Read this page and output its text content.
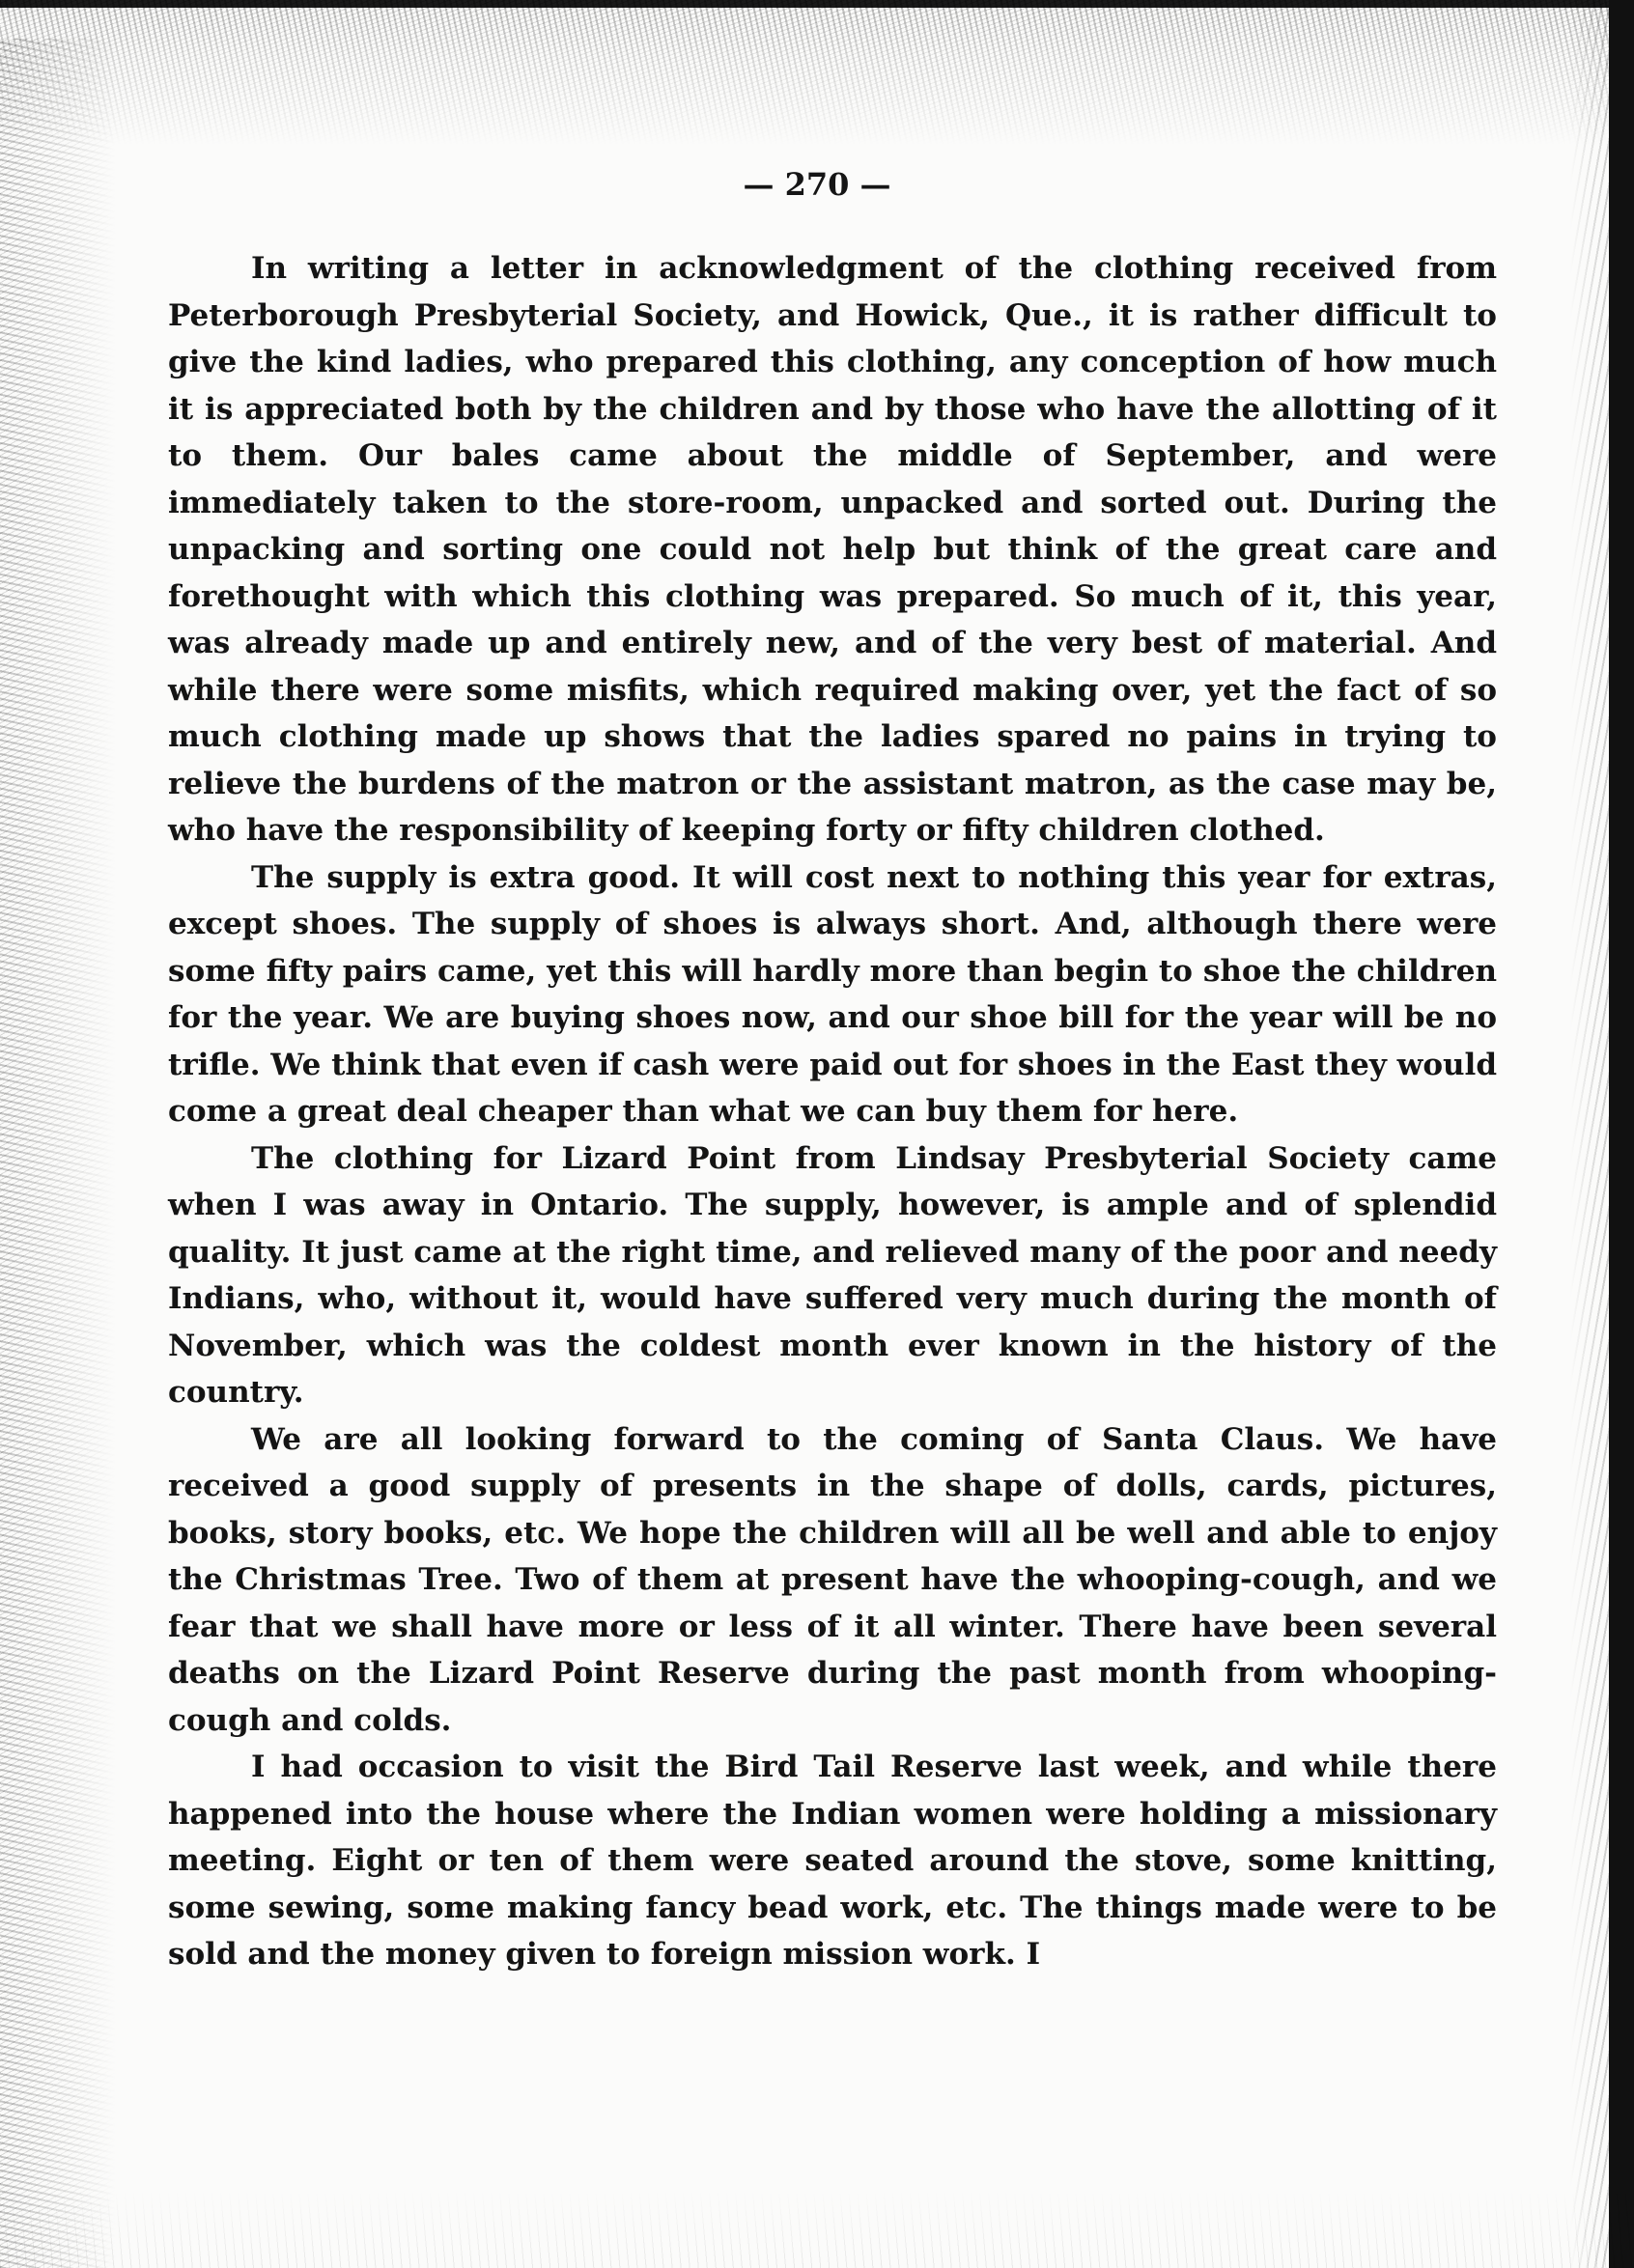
— 270 —

In writing a letter in acknowledgment of the clothing received from Peterborough Presbyterial Society, and Howick, Que., it is rather difficult to give the kind ladies, who prepared this clothing, any conception of how much it is appreciated both by the children and by those who have the allotting of it to them. Our bales came about the middle of September, and were immediately taken to the store-room, unpacked and sorted out. During the unpacking and sorting one could not help but think of the great care and forethought with which this clothing was prepared. So much of it, this year, was already made up and entirely new, and of the very best of material. And while there were some misfits, which required making over, yet the fact of so much clothing made up shows that the ladies spared no pains in trying to relieve the burdens of the matron or the assistant matron, as the case may be, who have the responsibility of keeping forty or fifty children clothed.

The supply is extra good. It will cost next to nothing this year for extras, except shoes. The supply of shoes is always short. And, although there were some fifty pairs came, yet this will hardly more than begin to shoe the children for the year. We are buying shoes now, and our shoe bill for the year will be no trifle. We think that even if cash were paid out for shoes in the East they would come a great deal cheaper than what we can buy them for here.

The clothing for Lizard Point from Lindsay Presbyterial Society came when I was away in Ontario. The supply, however, is ample and of splendid quality. It just came at the right time, and relieved many of the poor and needy Indians, who, without it, would have suffered very much during the month of November, which was the coldest month ever known in the history of the country.

We are all looking forward to the coming of Santa Claus. We have received a good supply of presents in the shape of dolls, cards, pictures, books, story books, etc. We hope the children will all be well and able to enjoy the Christmas Tree. Two of them at present have the whooping-cough, and we fear that we shall have more or less of it all winter. There have been several deaths on the Lizard Point Reserve during the past month from whooping-cough and colds.

I had occasion to visit the Bird Tail Reserve last week, and while there happened into the house where the Indian women were holding a missionary meeting. Eight or ten of them were seated around the stove, some knitting, some sewing, some making fancy bead work, etc. The things made were to be sold and the money given to foreign mission work. I
